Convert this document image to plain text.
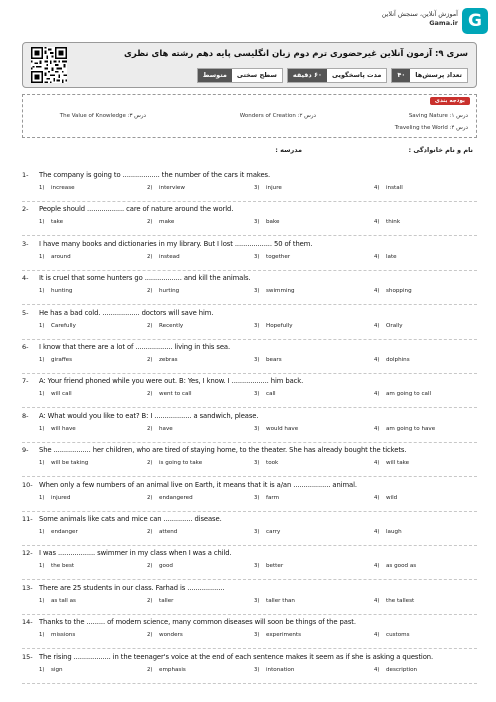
G
آموزش آنلاین، سنجش آنلاین
Gama.ir
سری ۹: آزمون آنلاین غیرحضوری ترم دوم زبان انگلیسی پایه دهم رشته های نظری
تعداد پرسش‌ها
۴۰
مدت پاسخگویی
۶۰ دقیقه
سطح سختی
متوسط
بودجه بندی
درس ۱: Saving Nature
درس ۲: Wonders of Creation
درس ۳: The Value of Knowledge
درس ۴: Traveling the World
نام و نام خانوادگی :
مدرسه :
1- The company is going to .................. the number of the cars it makes.
1) increase	2) interview	3) injure	4) install
2- People should .................. care of nature around the world.
1) take	2) make	3) bake	4) think
3- I have many books and dictionaries in my library. But I lost .................. 50 of them.
1) around	2) instead	3) together	4) late
4- It is cruel that some hunters go .................. and kill the animals.
1) hunting	2) hurting	3) swimming	4) shopping
5- He has a bad cold. .................. doctors will save him.
1) Carefully	2) Recently	3) Hopefully	4) Orally
6- I know that there are a lot of .................. living in this sea.
1) giraffes	2) zebras	3) bears	4) dolphins
7- A: Your friend phoned while you were out. B: Yes, I know. I .................. him back.
1) will call	2) went to call	3) call	4) am going to call
8- A: What would you like to eat? B: I .................. a sandwich, please.
1) will have	2) have	3) would have	4) am going to have
9- She .................. her children, who are tired of staying home, to the theater. She has already bought the tickets.
1) will be taking	2) is going to take	3) took	4) will take
10- When only a few numbers of an animal live on Earth, it means that it is a/an .................. animal.
1) injured	2) endangered	3) farm	4) wild
11- Some animals like cats and mice can .............. disease.
1) endanger	2) attend	3) carry	4) laugh
12- I was .................. swimmer in my class when I was a child.
1) the best	2) good	3) better	4) as good as
13- There are 25 students in our class. Farhad is ..................
1) as tall as	2) taller	3) taller than	4) the tallest
14- Thanks to the ......... of modern science, many common diseases will soon be things of the past.
1) missions	2) wonders	3) experiments	4) customs
15- The rising .................. in the teenager's voice at the end of each sentence makes it seem as if she is asking a question.
1) sign	2) emphasis	3) intonation	4) description
